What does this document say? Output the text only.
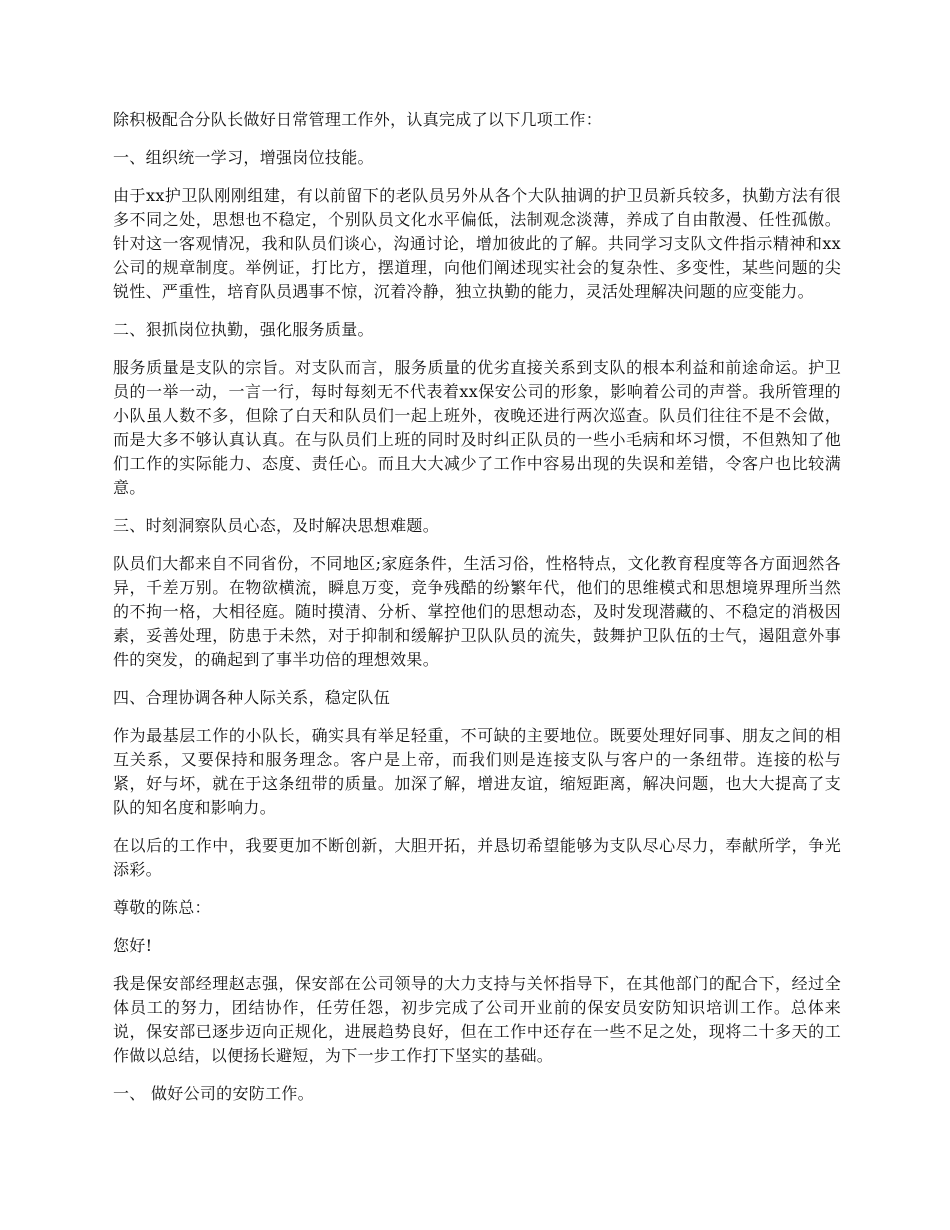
除积极配合分队长做好日常管理工作外，认真完成了以下几项工作：

一、组织统一学习，增强岗位技能。

由于xx护卫队刚刚组建，有以前留下的老队员另外从各个大队抽调的护卫员新兵较多，执勤方法有很多不同之处，思想也不稳定，个别队员文化水平偏低，法制观念淡薄，养成了自由散漫、任性孤傲。针对这一客观情况，我和队员们谈心，沟通讨论，增加彼此的了解。共同学习支队文件指示精神和xx公司的规章制度。举例证，打比方，摆道理，向他们阐述现实社会的复杂性、多变性，某些问题的尖锐性、严重性，培育队员遇事不惊，沉着冷静，独立执勤的能力，灵活处理解决问题的应变能力。

二、狠抓岗位执勤，强化服务质量。

服务质量是支队的宗旨。对支队而言，服务质量的优劣直接关系到支队的根本利益和前途命运。护卫员的一举一动，一言一行，每时每刻无不代表着xx保安公司的形象，影响着公司的声誉。我所管理的小队虽人数不多，但除了白天和队员们一起上班外，夜晚还进行两次巡查。队员们往往不是不会做，而是大多不够认真认真。在与队员们上班的同时及时纠正队员的一些小毛病和坏习惯，不但熟知了他们工作的实际能力、态度、责任心。而且大大减少了工作中容易出现的失误和差错，令客户也比较满意。

三、时刻洞察队员心态，及时解决思想难题。

队员们大都来自不同省份，不同地区;家庭条件，生活习俗，性格特点，文化教育程度等各方面迥然各异，千差万别。在物欲横流，瞬息万变，竞争残酷的纷繁年代，他们的思维模式和思想境界理所当然的不拘一格，大相径庭。随时摸清、分析、掌控他们的思想动态，及时发现潜藏的、不稳定的消极因素，妥善处理，防患于未然，对于抑制和缓解护卫队队员的流失，鼓舞护卫队伍的士气，遏阻意外事件的突发，的确起到了事半功倍的理想效果。

四、合理协调各种人际关系，稳定队伍

作为最基层工作的小队长，确实具有举足轻重，不可缺的主要地位。既要处理好同事、朋友之间的相互关系，又要保持和服务理念。客户是上帝，而我们则是连接支队与客户的一条纽带。连接的松与紧，好与坏，就在于这条纽带的质量。加深了解，增进友谊，缩短距离，解决问题，也大大提高了支队的知名度和影响力。

在以后的工作中，我要更加不断创新，大胆开拓，并恳切希望能够为支队尽心尽力，奉献所学，争光添彩。

尊敬的陈总：

您好!

我是保安部经理赵志强，保安部在公司领导的大力支持与关怀指导下，在其他部门的配合下，经过全体员工的努力，团结协作，任劳任怨，初步完成了公司开业前的保安员安防知识培训工作。总体来说，保安部已逐步迈向正规化，进展趋势良好，但在工作中还存在一些不足之处，现将二十多天的工作做以总结，以便扬长避短，为下一步工作打下坚实的基础。

一、 做好公司的安防工作。
